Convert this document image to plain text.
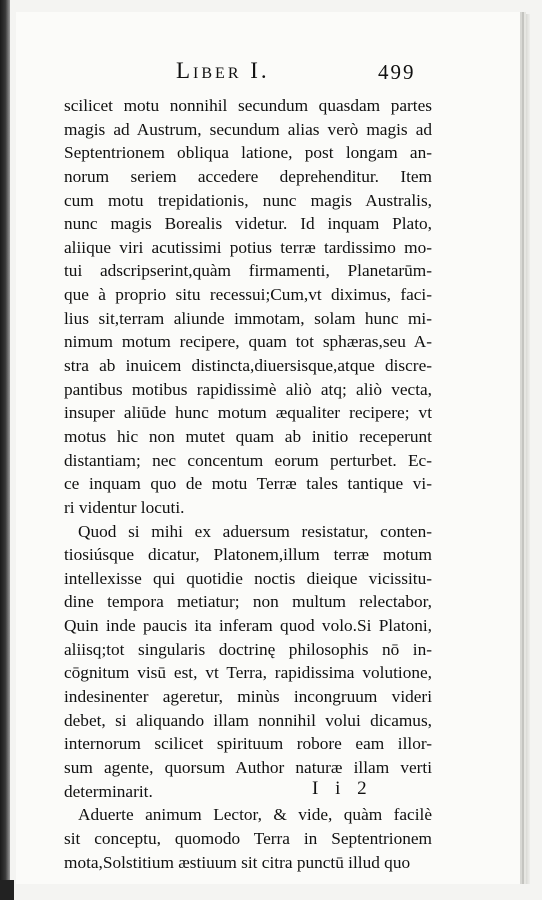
Liber I.	499
scilicet motu nonnihil secundum quasdam partes
magis ad Austrum, secundum alias verò magis ad
Septentrionem obliqua latione, post longam an-
norum seriem accedere deprehenditur. Item
cum motu trepidationis, nunc magis Australis,
nunc magis Borealis videtur. Id inquam Plato,
aliique viri acutissimi potius terræ tardissimo mo-
tui adscripserint,quàm firmamenti, Planetarūm-
que à proprio situ recessui;Cum,vt diximus, faci-
lius sit,terram aliunde immotam, solam hunc mi-
nimum motum recipere, quam tot sphæras,seu A-
stra ab inuicem distincta,diuersisque,atque discre-
pantibus motibus rapidissimè aliò atq; aliò vecta,
insuper aliūde hunc motum æqualiter recipere; vt
motus hic non mutet quam ab initio receperunt
distantiam; nec concentum eorum perturbet. Ec-
ce inquam quo de motu Terræ tales tantique vi-
ri videntur locuti.
Quod si mihi ex aduersum resistatur, conten-
tiosiúsque dicatur, Platonem,illum terræ motum
intellexisse qui quotidie noctis dieique vicissitu-
dine tempora metiatur; non multum relectabor,
Quin inde paucis ita inferam quod volo.Si Platoni,
aliisq;tot singularis doctrinę philosophis nō in-
cōgnitum visū est, vt Terra, rapidissima volutione,
indesinenter ageretur, minùs incongruum videri
debet, si aliquando illam nonnihil volui dicamus,
internorum scilicet spirituum robore eam illor-
sum agente, quorsum Author naturæ illam verti
determinarit.
Aduerte animum Lector, & vide, quàm facilè
sit conceptu, quomodo Terra in Septentrionem
mota,Solstitium æstiuum sit citra punctū illud quo
I i 2
